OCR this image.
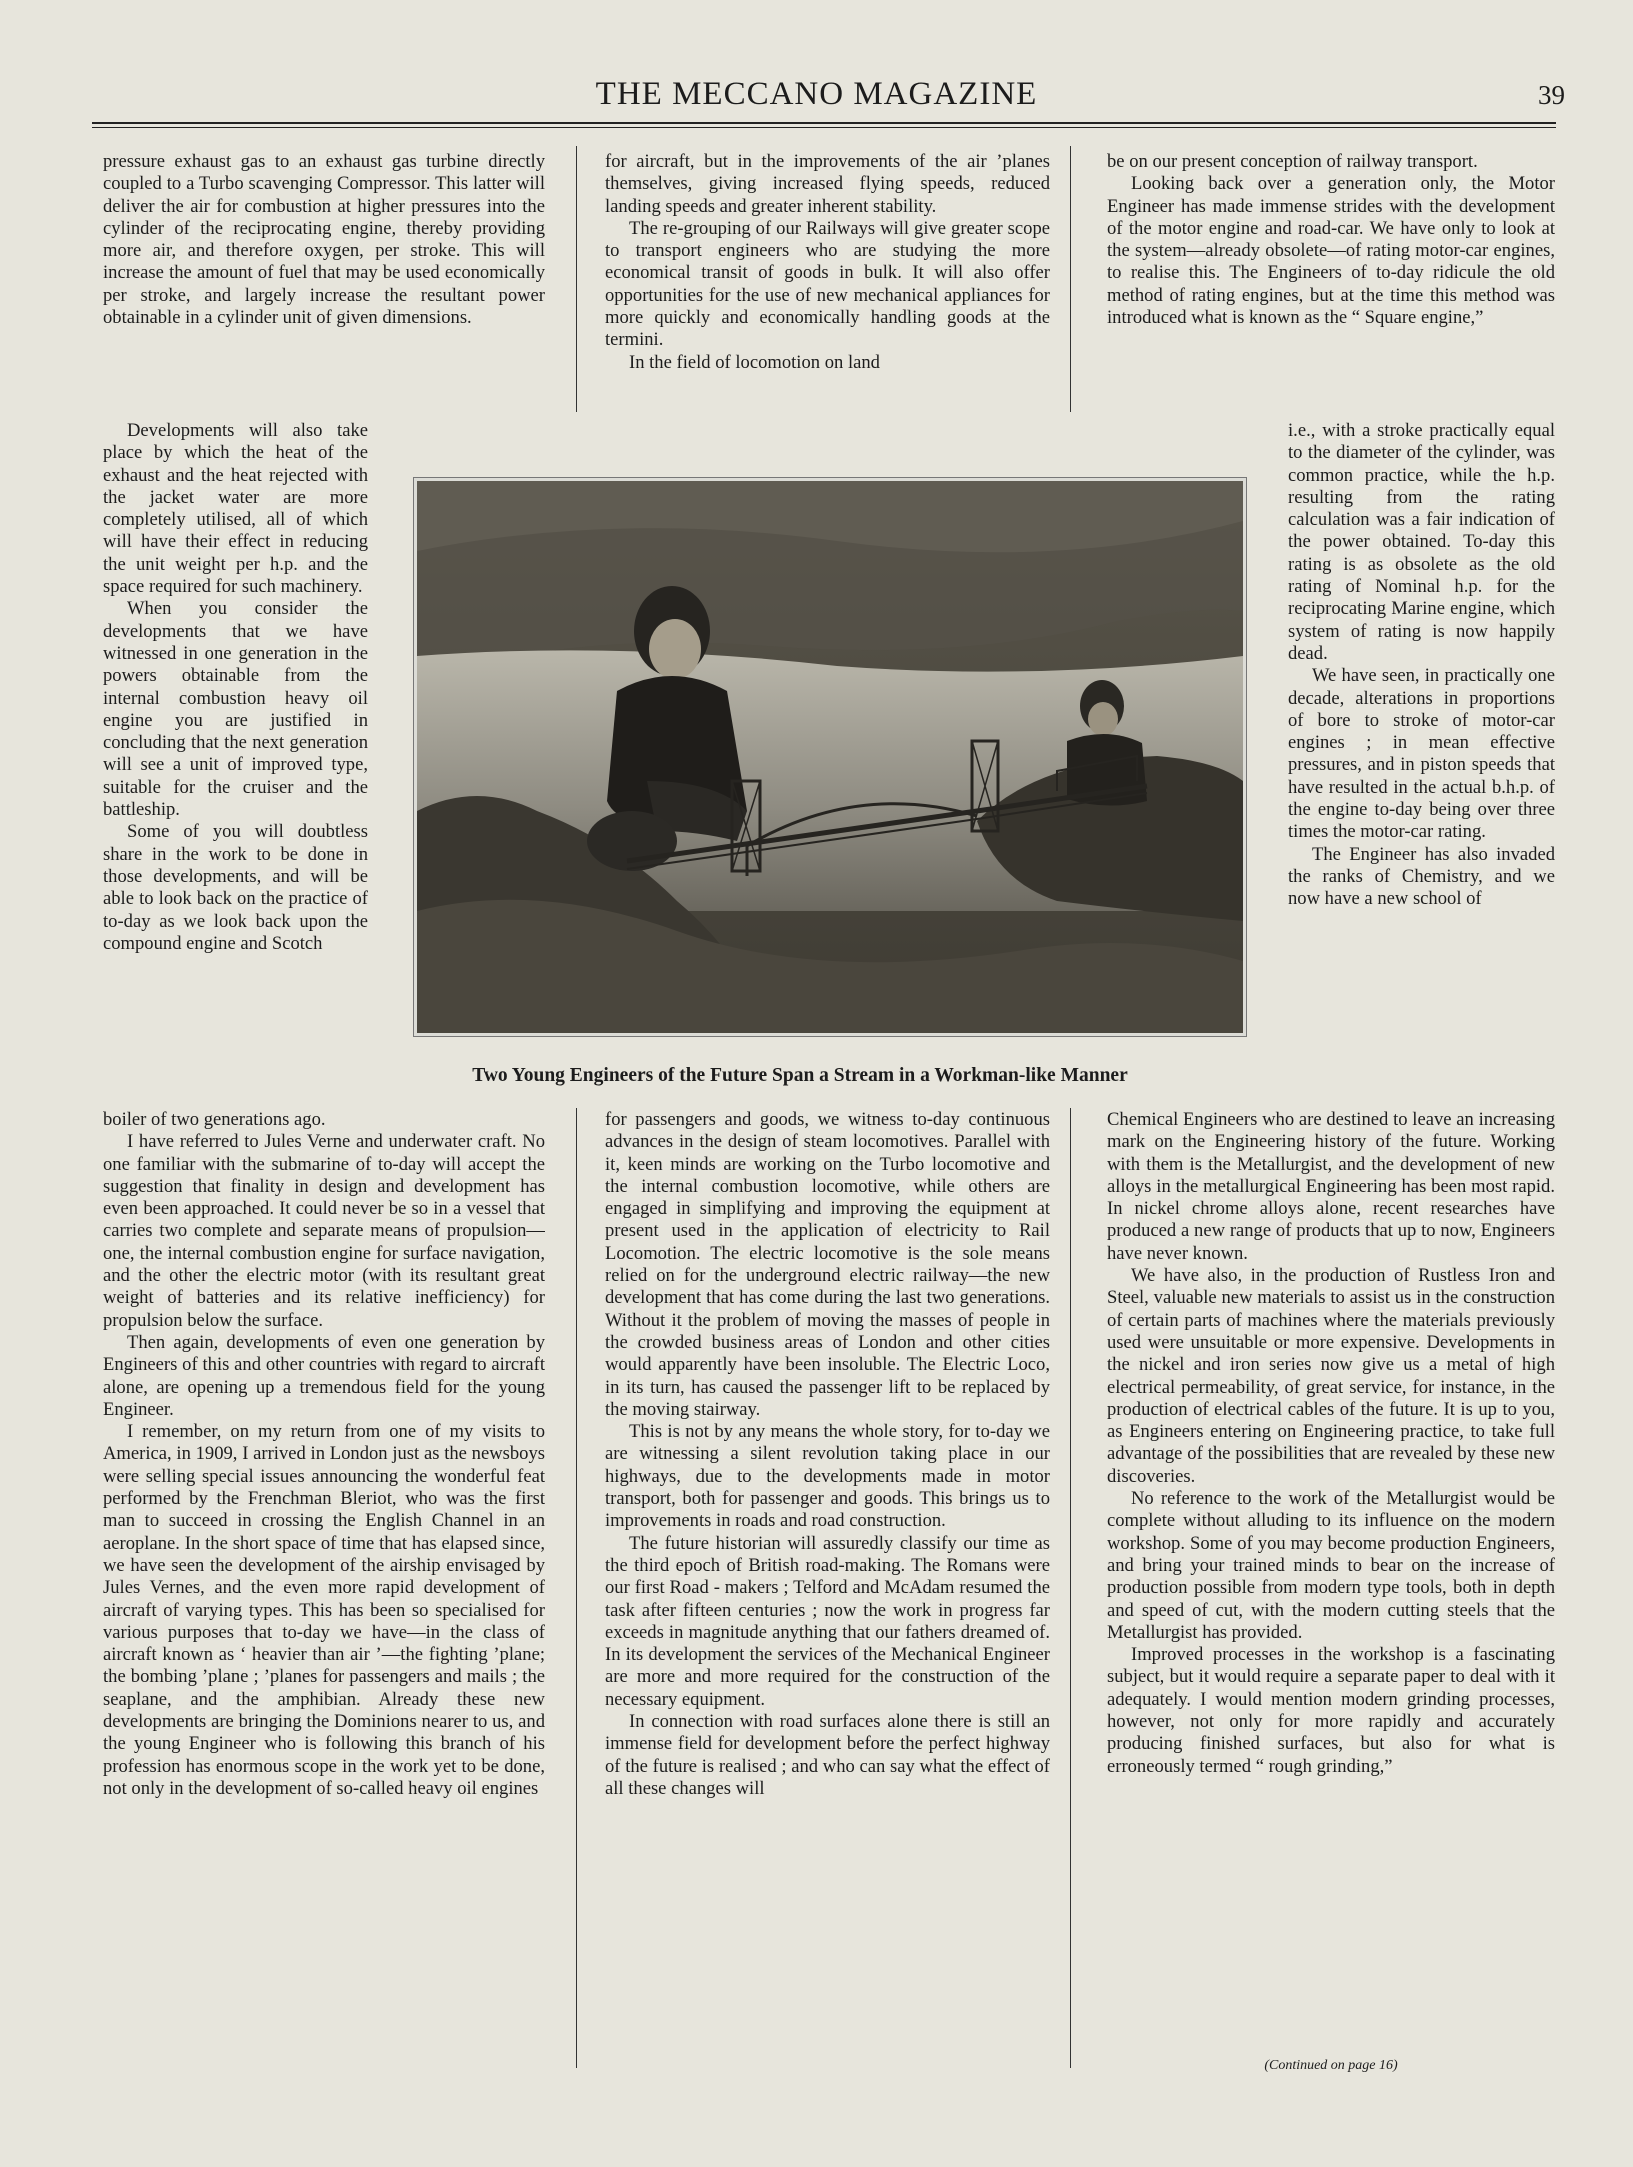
THE MECCANO MAGAZINE	39

pressure exhaust gas to an exhaust gas turbine directly coupled to a Turbo scavenging Compressor. This latter will deliver the air for combustion at higher pressures into the cylinder of the reciprocating engine, thereby providing more air, and therefore oxygen, per stroke. This will increase the amount of fuel that may be used economically per stroke, and largely increase the resultant power obtainable in a cylinder unit of given dimensions.

Developments will also take place by which the heat of the exhaust and the heat rejected with the jacket water are more completely utilised, all of which will have their effect in reducing the unit weight per h.p. and the space required for such machinery.

When you consider the developments that we have witnessed in one generation in the powers obtainable from the internal combustion heavy oil engine you are justified in concluding that the next generation will see a unit of improved type, suitable for the cruiser and the battleship.

Some of you will doubtless share in the work to be done in those developments, and will be able to look back on the practice of to-day as we look back upon the compound engine and Scotch

boiler of two generations ago.

I have referred to Jules Verne and underwater craft. No one familiar with the submarine of to-day will accept the suggestion that finality in design and development has even been approached. It could never be so in a vessel that carries two complete and separate means of propulsion—one, the internal combustion engine for surface navigation, and the other the electric motor (with its resultant great weight of batteries and its relative inefficiency) for propulsion below the surface.

Then again, developments of even one generation by Engineers of this and other countries with regard to aircraft alone, are opening up a tremendous field for the young Engineer.

I remember, on my return from one of my visits to America, in 1909, I arrived in London just as the newsboys were selling special issues announcing the wonderful feat performed by the Frenchman Bleriot, who was the first man to succeed in crossing the English Channel in an aeroplane. In the short space of time that has elapsed since, we have seen the development of the airship envisaged by Jules Vernes, and the even more rapid development of aircraft of varying types. This has been so specialised for various purposes that to-day we have—in the class of aircraft known as ‘ heavier than air ’—the fighting ’plane; the bombing ’plane ; ’planes for passengers and mails ; the seaplane, and the amphibian. Already these new developments are bringing the Dominions nearer to us, and the young Engineer who is following this branch of his profession has enormous scope in the work yet to be done, not only in the development of so-called heavy oil engines

for aircraft, but in the improvements of the air ’planes themselves, giving increased flying speeds, reduced landing speeds and greater inherent stability.

The re-grouping of our Railways will give greater scope to transport engineers who are studying the more economical transit of goods in bulk. It will also offer opportunities for the use of new mechanical appliances for more quickly and economically handling goods at the termini.

In the field of locomotion on land

for passengers and goods, we witness to-day continuous advances in the design of steam locomotives. Parallel with it, keen minds are working on the Turbo locomotive and the internal combustion locomotive, while others are engaged in simplifying and improving the equipment at present used in the application of electricity to Rail Locomotion. The electric locomotive is the sole means relied on for the underground electric railway—the new development that has come during the last two generations. Without it the problem of moving the masses of people in the crowded business areas of London and other cities would apparently have been insoluble. The Electric Loco, in its turn, has caused the passenger lift to be replaced by the moving stairway.

This is not by any means the whole story, for to-day we are witnessing a silent revolution taking place in our highways, due to the developments made in motor transport, both for passenger and goods. This brings us to improvements in roads and road construction.

The future historian will assuredly classify our time as the third epoch of British road-making. The Romans were our first Road - makers ; Telford and McAdam resumed the task after fifteen centuries ; now the work in progress far exceeds in magnitude anything that our fathers dreamed of. In its development the services of the Mechanical Engineer are more and more required for the construction of the necessary equipment.

In connection with road surfaces alone there is still an immense field for development before the perfect highway of the future is realised ; and who can say what the effect of all these changes will

be on our present conception of railway transport.

Looking back over a generation only, the Motor Engineer has made immense strides with the development of the motor engine and road-car. We have only to look at the system—already obsolete—of rating motor-car engines, to realise this. The Engineers of to-day ridicule the old method of rating engines, but at the time this method was introduced what is known as the “ Square engine,”

i.e., with a stroke practically equal to the diameter of the cylinder, was common practice, while the h.p. resulting from the rating calculation was a fair indication of the power obtained. To-day this rating is as obsolete as the old rating of Nominal h.p. for the reciprocating Marine engine, which system of rating is now happily dead.

We have seen, in practically one decade, alterations in proportions of bore to stroke of motor-car engines ; in mean effective pressures, and in piston speeds that have resulted in the actual b.h.p. of the engine to-day being over three times the motor-car rating.

The Engineer has also invaded the ranks of Chemistry, and we now have a new school of

Chemical Engineers who are destined to leave an increasing mark on the Engineering history of the future. Working with them is the Metallurgist, and the development of new alloys in the metallurgical Engineering has been most rapid. In nickel chrome alloys alone, recent researches have produced a new range of products that up to now, Engineers have never known.

We have also, in the production of Rustless Iron and Steel, valuable new materials to assist us in the construction of certain parts of machines where the materials previously used were unsuitable or more expensive. Developments in the nickel and iron series now give us a metal of high electrical permeability, of great service, for instance, in the production of electrical cables of the future. It is up to you, as Engineers entering on Engineering practice, to take full advantage of the possibilities that are revealed by these new discoveries.

No reference to the work of the Metallurgist would be complete without alluding to its influence on the modern workshop. Some of you may become production Engineers, and bring your trained minds to bear on the increase of production possible from modern type tools, both in depth and speed of cut, with the modern cutting steels that the Metallurgist has provided.

Improved processes in the workshop is a fascinating subject, but it would require a separate paper to deal with it adequately. I would mention modern grinding processes, however, not only for more rapidly and accurately producing finished surfaces, but also for what is erroneously termed “ rough grinding,”

Two Young Engineers of the Future Span a Stream in a Workman-like Manner
(Continued on page 16)
